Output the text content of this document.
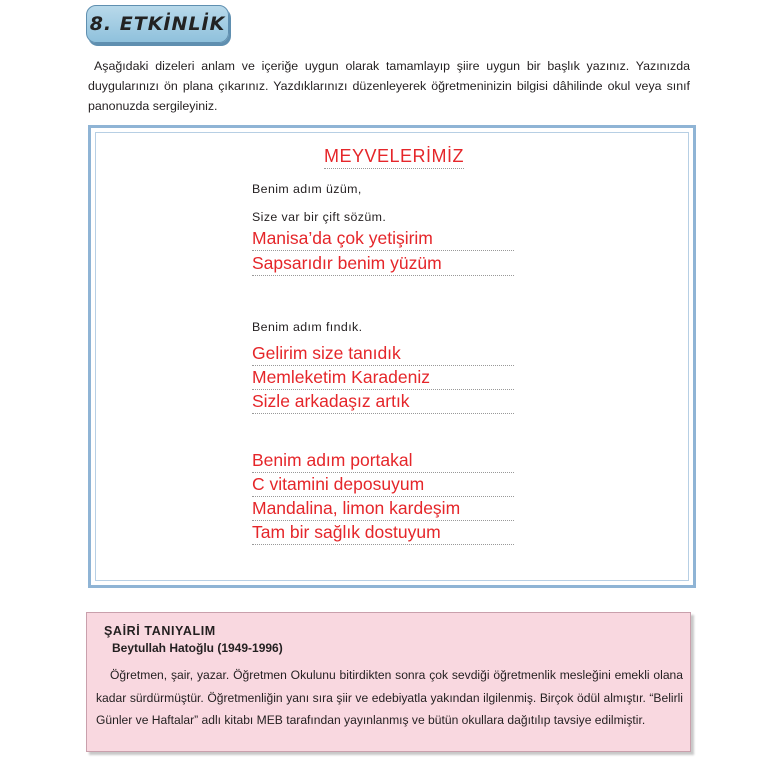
8. ETKİNLİK
Aşağıdaki dizeleri anlam ve içeriğe uygun olarak tamamlayıp şiire uygun bir başlık yazınız. Yazınızda duygularınızı ön plana çıkarınız. Yazdıklarınızı düzenleyerek öğretmeninizin bilgisi dâhilinde okul veya sınıf panonuzda sergileyiniz.
MEYVELERİMİZ
Benim adım üzüm,
Size var bir çift sözüm.
Manisa’da çok yetişirim
Sapsarıdır benim yüzüm
Benim adım fındık.
Gelirim size tanıdık
Memleketim Karadeniz
Sizle arkadaşız artık
Benim adım portakal
C vitamini deposuyum
Mandalina, limon kardeşim
Tam bir sağlık dostuyum
ŞAİRİ TANIYALIM
Beytullah Hatoğlu (1949-1996)
Öğretmen, şair, yazar. Öğretmen Okulunu bitirdikten sonra çok sevdiği öğretmenlik mesleğini emekli olana kadar sürdürmüştür. Öğretmenliğin yanı sıra şiir ve edebiyatla yakından ilgilenmiş. Birçok ödül almıştır. “Belirli Günler ve Haftalar” adlı kitabı MEB tarafından yayınlanmış ve bütün okullara dağıtılıp tavsiye edilmiştir.
